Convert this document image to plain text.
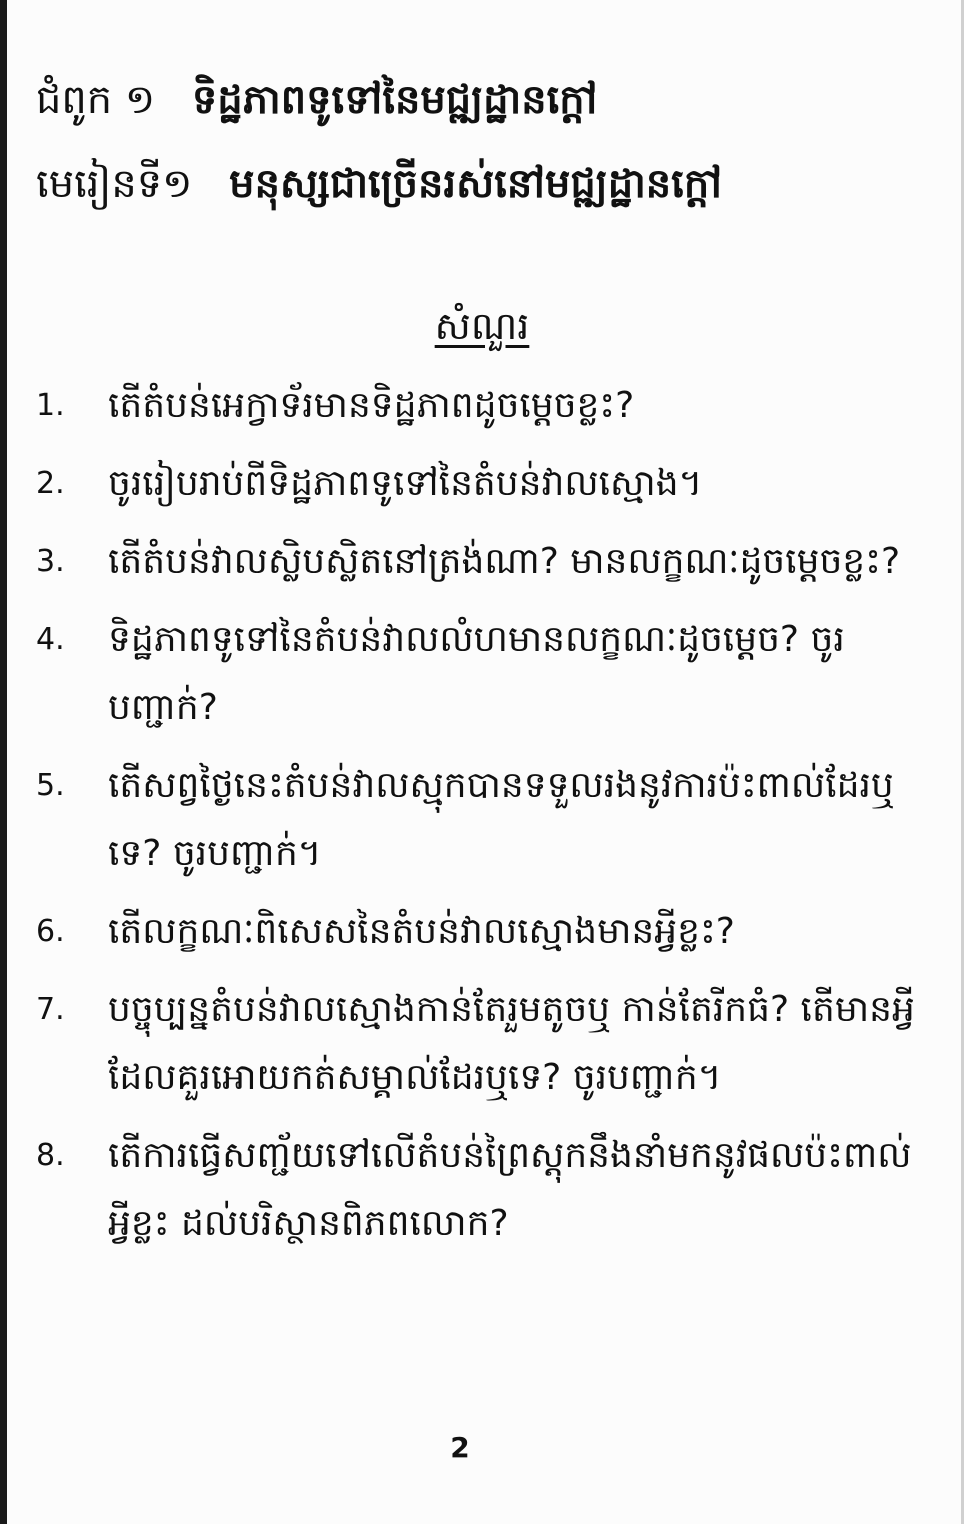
ជំពូក ១ ទិដ្ឋភាពទូទៅនៃមជ្ឍដ្ឋានក្តៅ
មេរៀនទី១ មនុស្សជាច្រើនរស់នៅមជ្ឍដ្ឋានក្តៅ
សំណួរ
1.	តើតំបន់អេក្វាទ័រមានទិដ្ឋភាពដូចម្តេចខ្លះ?
2.	ចូររៀបរាប់ពីទិដ្ឋភាពទូទៅនៃតំបន់វាលស្មោង។
3.	តើតំបន់វាលស្លិបស្លិតនៅត្រង់ណា? មានលក្ខណៈដូចម្តេចខ្លះ?
4.	ទិដ្ឋភាពទូទៅនៃតំបន់វាលលំហមានលក្ខណៈដូចម្តេច? ចូរបញ្ជាក់?
5.	តើសព្វថ្ងៃនេះតំបន់វាលស្មុកបានទទួលរងនូវការប៉ះពាល់ដែរឬទេ? ចូរបញ្ជាក់។
6.	តើលក្ខណៈពិសេសនៃតំបន់វាលស្មោងមានអ្វីខ្លះ?
7.	បច្ចុប្បន្នតំបន់វាលស្មោងកាន់តែរួមតូចឬ កាន់តែរីកធំ? តើមានអ្វីដែលគួរអោយកត់សម្គាល់ដែរឬទេ? ចូរបញ្ជាក់។
8.	តើការធ្វើសញ្ជ័យទៅលើតំបន់ព្រៃស្តុកនឹងនាំមកនូវផលប៉ះពាល់អ្វីខ្លះ ដល់បរិស្ថានពិភពលោក?
2
